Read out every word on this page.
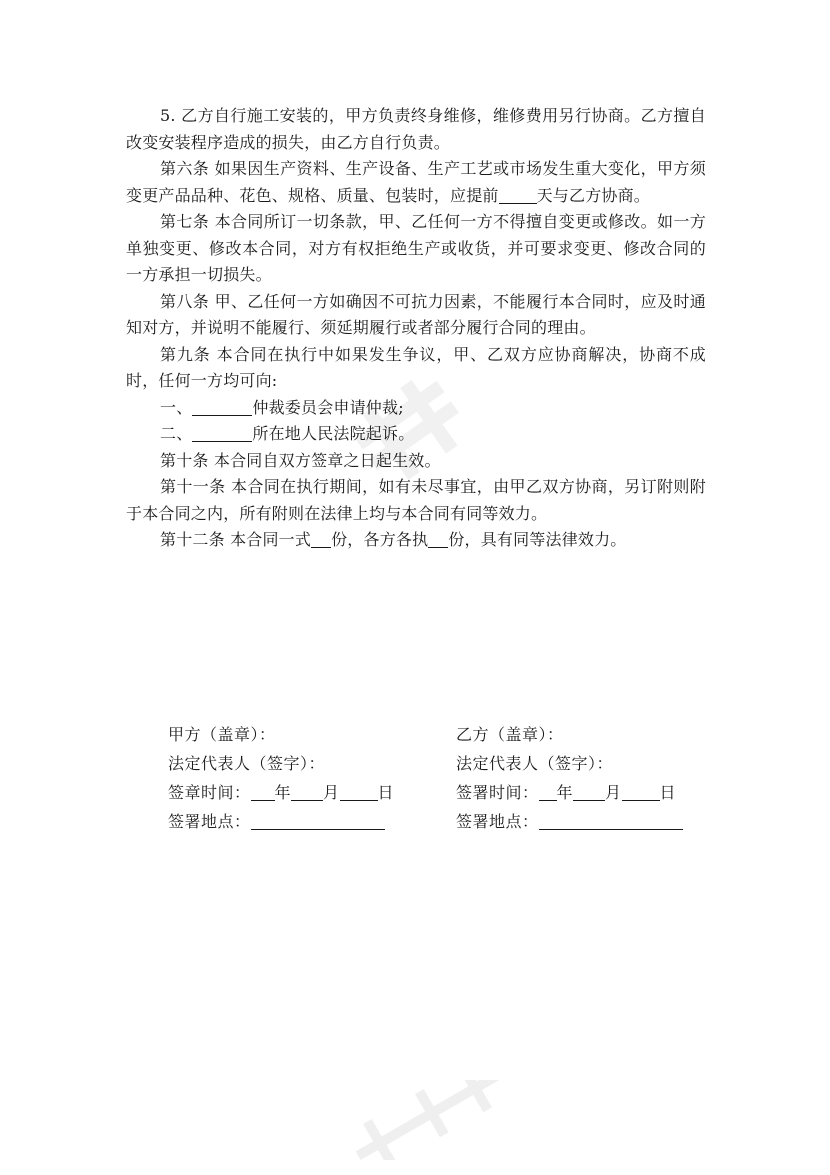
5. 乙方自行施工安装的，甲方负责终身维修，维修费用另行协商。乙方擅自改变安装程序造成的损失，由乙方自行负责。

第六条 如果因生产资料、生产设备、生产工艺或市场发生重大变化，甲方须变更产品品种、花色、规格、质量、包装时，应提前 天与乙方协商。

第七条 本合同所订一切条款，甲、乙任何一方不得擅自变更或修改。如一方单独变更、修改本合同，对方有权拒绝生产或收货，并可要求变更、修改合同的一方承担一切损失。

第八条 甲、乙任何一方如确因不可抗力因素，不能履行本合同时，应及时通知对方，并说明不能履行、须延期履行或者部分履行合同的理由。

第九条 本合同在执行中如果发生争议，甲、乙双方应协商解决，协商不成时，任何一方均可向:

一、	仲裁委员会申请仲裁;

二、	所在地人民法院起诉。

第十条 本合同自双方签章之日起生效。

第十一条 本合同在执行期间，如有未尽事宜，由甲乙双方协商，另订附则附于本合同之内，所有附则在法律上均与本合同有同等效力。

第十二条 本合同一式 份，各方各执 份，具有同等法律效力。

甲方（盖章）：
法定代表人（签字）：
签章时间： 年 月 日
签署地点：
乙方（盖章）：
法定代表人（签字）：
签署时间： 年 月 日
签署地点：
